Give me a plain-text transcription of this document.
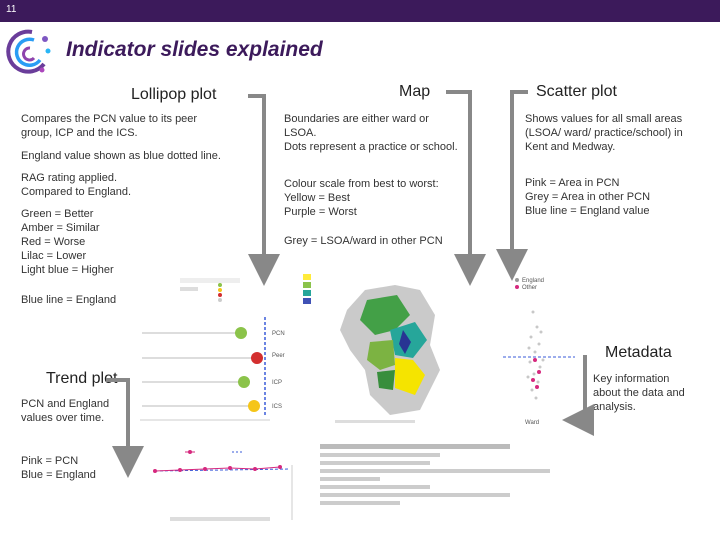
11
Indicator slides explained
Lollipop plot	Map	Scatter plot
Trend plot
Metadata
Compares the PCN value to its peer group, ICP and the ICS.
England value shown as blue dotted line.
RAG rating applied.
Compared to England.
Green = Better
Amber = Similar
Red = Worse
Lilac = Lower
Light blue = Higher
Blue line = England
Boundaries are either ward or LSOA.
Dots represent a practice or school.
Colour scale from best to worst:
Yellow = Best
Purple = Worst
Grey = LSOA/ward in other PCN
Shows values for all small areas (LSOA/ ward/ practice/school) in Kent and Medway.
Pink = Area in PCN
Grey = Area in other PCN
Blue line = England value
PCN and England values over time.
Pink = PCN
Blue = England
Key information about the data and analysis.
PCN
Peer
ICP
ICS
England
Other
Ward
